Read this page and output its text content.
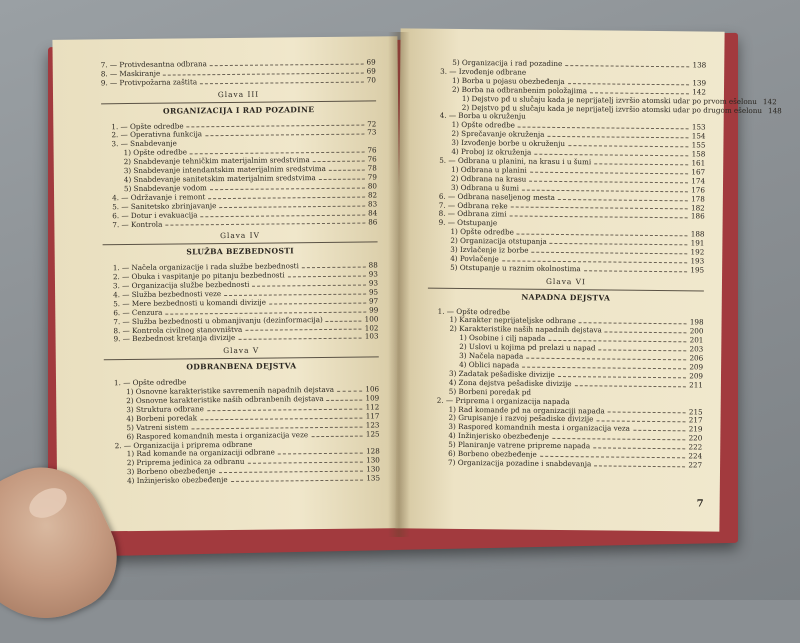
7. — Protivdesantna odbrana	69
8. — Maskiranje	69
9. — Protivpožarna zaštita	70
Glava III
ORGANIZACIJA I RAD POZADINE
1. — Opšte odredbe	72
2. — Operativna funkcija	73
3. — Snabdevanje
1) Opšte odredbe	76
2) Snabdevanje tehničkim materijalnim sredstvima	76
3) Snabdevanje intendantskim materijalnim sredstvima	78
4) Snabdevanje sanitetskim materijalnim sredstvima	79
5) Snabdevanje vodom	80
4. — Održavanje i remont	82
5. — Sanitetsko zbrinjavanje	83
6. — Dotur i evakuacija	84
7. — Kontrola	86
Glava IV
SLUŽBA BEZBEDNOSTI
1. — Načela organizacije i rada službe bezbednosti	88
2. — Obuka i vaspitanje po pitanju bezbednosti	93
3. — Organizacija službe bezbednosti	93
4. — Služba bezbednosti veze	95
5. — Mere bezbednosti u komandi divizije	97
6. — Cenzura	99
7. — Služba bezbednosti u obmanjivanju (dezinformacija)	100
8. — Kontrola civilnog stanovništva	102
9. — Bezbednost kretanja divizije	103
Glava V
ODBRANBENA DEJSTVA
1. — Opšte odredbe
1) Osnovne karakteristike savremenih napadnih dejstava	106
2) Osnovne karakteristike naših odbranbenih dejstava	109
3) Struktura odbrane	112
4) Borbeni poredak	117
5) Vatreni sistem	123
6) Raspored komandnih mesta i organizacija veze	125
2. — Organizacija i priprema odbrane
1) Rad komande na organizaciji odbrane	128
2) Priprema jedinica za odbranu	130
3) Borbeno obezbeđenje	130
4) Inžinjerisko obezbeđenje	135
5) Organizacija i rad pozadine	138
3. — Izvođenje odbrane
1) Borba u pojasu obezbeđenja	139
2) Borba na odbranbenim položajima	142
1) Dejstvo pd u slučaju kada je neprijatelj izvršio atomski udar po prvom ešelonu 142
2) Dejstvo pd u slučaju kada je neprijatelj izvršio atomski udar po drugom ešelonu 148
4. — Borba u okruženju
1) Opšte odredbe	153
2) Sprečavanje okruženja	154
3) Izvođenje borbe u okruženju	155
4) Proboj iz okruženja	158
5. — Odbrana u planini, na krasu i u šumi	161
1) Odbrana u planini	167
2) Odbrana na krasu	174
3) Odbrana u šumi	176
6. — Odbrana naseljenog mesta	178
7. — Odbrana reke	182
8. — Odbrana zimi	186
9. — Otstupanje
1) Opšte odredbe	188
2) Organizacija otstupanja	191
3) Izvlačenje iz borbe	192
4) Povlačenje	193
5) Otstupanje u raznim okolnostima	195
Glava VI
NAPADNA DEJSTVA
1. — Opšte odredbe
1) Karakter neprijateljske odbrane	198
2) Karakteristike naših napadnih dejstava	200
1) Osobine i cilj napada	201
2) Uslovi u kojima pd prelazi u napad	203
3) Načela napada	206
4) Oblici napada	209
3) Zadatak pešadiske divizije	209
4) Zona dejstva pešadiske divizije	211
5) Borbeni poredak pd
2. — Priprema i organizacija napada
1) Rad komande pd na organizaciji napada	215
2) Grupisanje i razvoj pešadiske divizije	217
3) Raspored komandnih mesta i organizacija veza	219
4) Inžinjerisko obezbeđenje	220
5) Planiranje vatrene pripreme napada	222
6) Borbeno obezbeđenje	224
7) Organizacija pozadine i snabdevanja	227
7
